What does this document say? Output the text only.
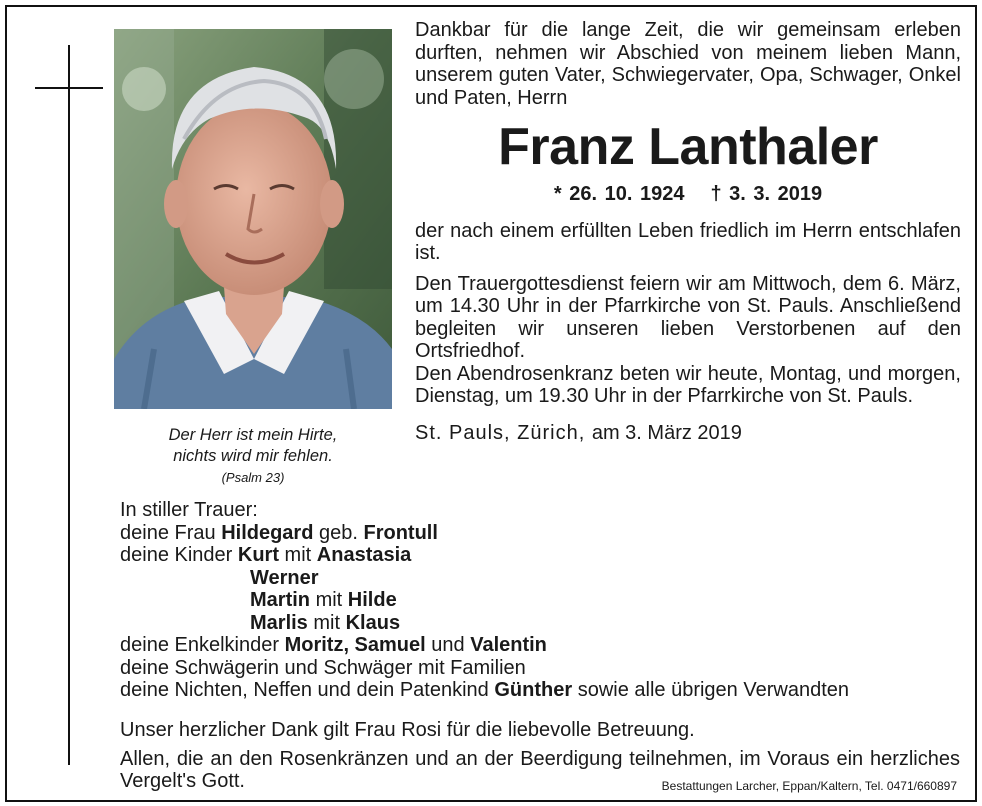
Der Herr ist mein Hirte,
nichts wird mir fehlen.
(Psalm 23)

Dankbar für die lange Zeit, die wir gemeinsam erleben durften, nehmen wir Abschied von meinem lieben Mann, unserem guten Vater, Schwiegervater, Opa, Schwager, Onkel und Paten, Herrn

Franz Lanthaler

* 26. 10. 1924 † 3. 3. 2019

der nach einem erfüllten Leben friedlich im Herrn entschlafen ist.

Den Trauergottesdienst feiern wir am Mittwoch, dem 6. März, um 14.30 Uhr in der Pfarrkirche von St. Pauls. Anschließend begleiten wir unseren lieben Verstorbenen auf den Ortsfriedhof.

Den Abendrosenkranz beten wir heute, Montag, und morgen, Dienstag, um 19.30 Uhr in der Pfarrkirche von St. Pauls.

St. Pauls, Zürich, am 3. März 2019

In stiller Trauer:
deine Frau Hildegard geb. Frontull
deine Kinder Kurt mit Anastasia
Werner
Martin mit Hilde
Marlis mit Klaus
deine Enkelkinder Moritz, Samuel und Valentin
deine Schwägerin und Schwäger mit Familien
deine Nichten, Neffen und dein Patenkind Günther sowie alle übrigen Verwandten

Unser herzlicher Dank gilt Frau Rosi für die liebevolle Betreuung.

Allen, die an den Rosenkränzen und an der Beerdigung teilnehmen, im Voraus ein herzliches Vergelt's Gott.	Bestattungen Larcher, Eppan/Kaltern, Tel. 0471/660897
